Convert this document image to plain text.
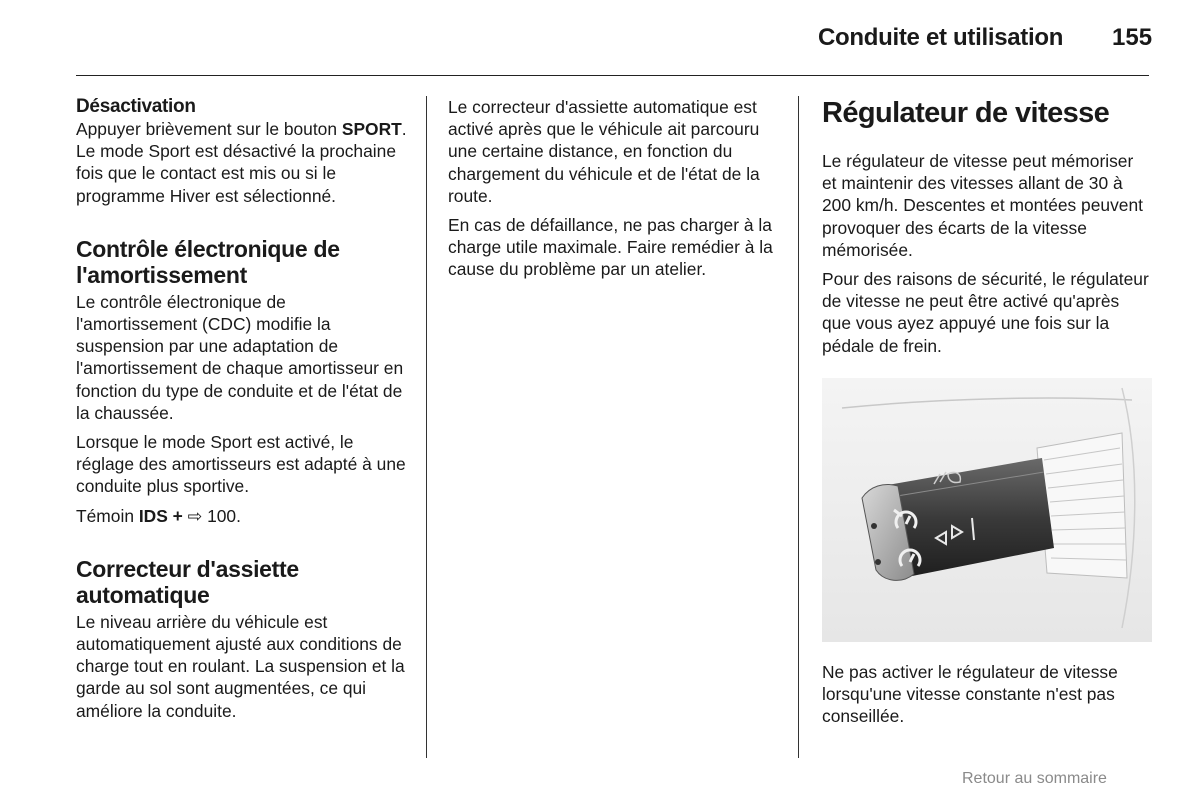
Conduite et utilisation 155
Désactivation

Appuyer brièvement sur le bouton SPORT. Le mode Sport est désactivé la prochaine fois que le contact est mis ou si le programme Hiver est sélectionné.

Contrôle électronique de
l'amortissement

Le contrôle électronique de l'amortissement (CDC) modifie la suspension par une adaptation de l'amortissement de chaque amortisseur en fonction du type de conduite et de l'état de la chaussée.

Lorsque le mode Sport est activé, le réglage des amortisseurs est adapté à une conduite plus sportive.

Témoin IDS + ⇨ 100.

Correcteur d'assiette
automatique

Le niveau arrière du véhicule est automatiquement ajusté aux conditions de charge tout en roulant. La suspension et la garde au sol sont augmentées, ce qui améliore la conduite.

Le correcteur d'assiette automatique est activé après que le véhicule ait parcouru une certaine distance, en fonction du chargement du véhicule et de l'état de la route.

En cas de défaillance, ne pas charger à la charge utile maximale. Faire remédier à la cause du problème par un atelier.

Régulateur de vitesse

Le régulateur de vitesse peut mémoriser et maintenir des vitesses allant de 30 à 200 km/h. Descentes et montées peuvent provoquer des écarts de la vitesse mémorisée.

Pour des raisons de sécurité, le régulateur de vitesse ne peut être activé qu'après que vous ayez appuyé une fois sur la pédale de frein.

Ne pas activer le régulateur de vitesse lorsqu'une vitesse constante n'est pas conseillée.

Retour au sommaire
